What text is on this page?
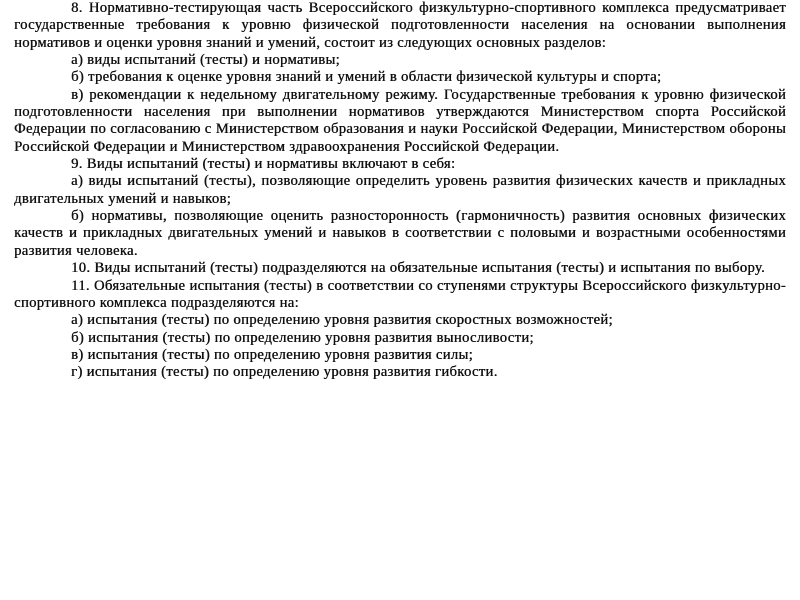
8. Нормативно-тестирующая часть Всероссийского физкультурно-спортивного комплекса предусматривает государственные требования к уровню физической подготовленности населения на основании выполнения нормативов и оценки уровня знаний и умений, состоит из следующих основных разделов:

а) виды испытаний (тесты) и нормативы;

б) требования к оценке уровня знаний и умений в области физической культуры и спорта;

в) рекомендации к недельному двигательному режиму. Государственные требования к уровню физической подготовленности населения при выполнении нормативов утверждаются Министерством спорта Российской Федерации по согласованию с Министерством образования и науки Российской Федерации, Министерством обороны Российской Федерации и Министерством здравоохранения Российской Федерации.

9. Виды испытаний (тесты) и нормативы включают в себя:

а) виды испытаний (тесты), позволяющие определить уровень развития физических качеств и прикладных двигательных умений и навыков;

б) нормативы, позволяющие оценить разносторонность (гармоничность) развития основных физических качеств и прикладных двигательных умений и навыков в соответствии с половыми и возрастными особенностями развития человека.

10. Виды испытаний (тесты) подразделяются на обязательные испытания (тесты) и испытания по выбору.

11. Обязательные испытания (тесты) в соответствии со ступенями структуры Всероссийского физкультурно-спортивного комплекса подразделяются на:

а) испытания (тесты) по определению уровня развития скоростных возможностей;

б) испытания (тесты) по определению уровня развития выносливости;

в) испытания (тесты) по определению уровня развития силы;

г) испытания (тесты) по определению уровня развития гибкости.
